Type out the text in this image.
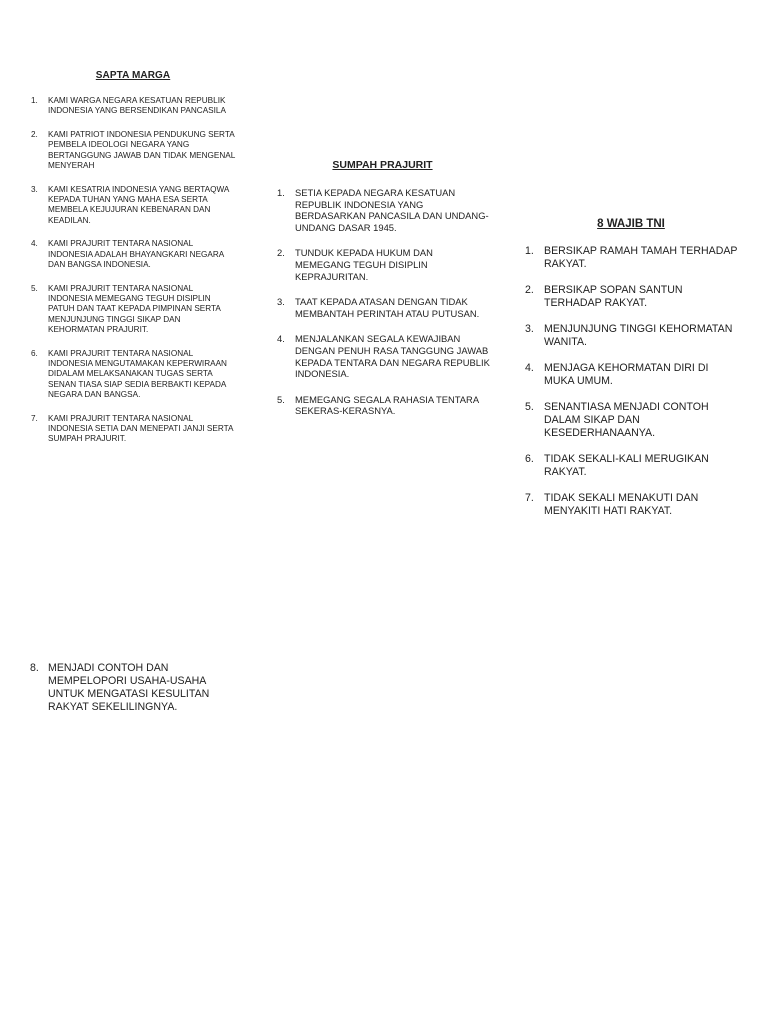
SAPTA MARGA
1. KAMI WARGA NEGARA KESATUAN REPUBLIK INDONESIA YANG BERSENDIKAN PANCASILA
2. KAMI PATRIOT INDONESIA PENDUKUNG SERTA PEMBELA IDEOLOGI NEGARA YANG BERTANGGUNG JAWAB DAN TIDAK MENGENAL MENYERAH
3. KAMI KESATRIA INDONESIA YANG BERTAQWA KEPADA TUHAN YANG MAHA ESA SERTA MEMBELA KEJUJURAN KEBENARAN DAN KEADILAN.
4. KAMI PRAJURIT TENTARA NASIONAL INDONESIA ADALAH BHAYANGKARI NEGARA DAN BANGSA INDONESIA.
5. KAMI PRAJURIT TENTARA NASIONAL INDONESIA MEMEGANG TEGUH DISIPLIN PATUH DAN TAAT KEPADA PIMPINAN SERTA MENJUNJUNG TINGGI SIKAP DAN KEHORMATAN PRAJURIT.
6. KAMI PRAJURIT TENTARA NASIONAL INDONESIA MENGUTAMAKAN KEPERWIRAAN DIDALAM MELAKSANAKAN TUGAS SERTA SENAN TIASA SIAP SEDIA BERBAKTI KEPADA NEGARA DAN BANGSA.
7. KAMI PRAJURIT TENTARA NASIONAL INDONESIA SETIA DAN MENEPATI JANJI SERTA SUMPAH PRAJURIT.
SUMPAH PRAJURIT
1. SETIA KEPADA NEGARA KESATUAN REPUBLIK INDONESIA YANG BERDASARKAN PANCASILA DAN UNDANG-UNDANG DASAR 1945.
2. TUNDUK KEPADA HUKUM DAN MEMEGANG TEGUH DISIPLIN KEPRAJURITAN.
3. TAAT KEPADA ATASAN DENGAN TIDAK MEMBANTAH PERINTAH ATAU PUTUSAN.
4. MENJALANKAN SEGALA KEWAJIBAN DENGAN PENUH RASA TANGGUNG JAWAB KEPADA TENTARA DAN NEGARA REPUBLIK INDONESIA.
5. MEMEGANG SEGALA RAHASIA TENTARA SEKERAS-KERASNYA.
8 WAJIB TNI
1. BERSIKAP RAMAH TAMAH TERHADAP RAKYAT.
2. BERSIKAP SOPAN SANTUN TERHADAP RAKYAT.
3. MENJUNJUNG TINGGI KEHORMATAN WANITA.
4. MENJAGA KEHORMATAN DIRI DI MUKA UMUM.
5. SENANTIASA MENJADI CONTOH DALAM SIKAP DAN KESEDERHANAANYA.
6. TIDAK SEKALI-KALI MERUGIKAN RAKYAT.
7. TIDAK SEKALI MENAKUTI DAN MENYAKITI HATI RAKYAT.
8. MENJADI CONTOH DAN MEMPELOPORI USAHA-USAHA UNTUK MENGATASI KESULITAN RAKYAT SEKELILINGNYA.
